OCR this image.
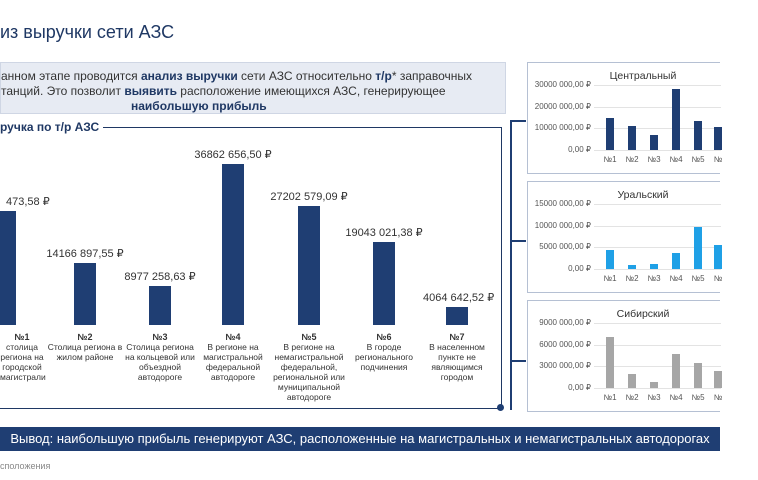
из выручки сети АЗС
анном этапе проводится анализ выручки сети АЗС относительно т/р* заправочных
танций. Это позволит выявить расположение имеющихся АЗС, генерирующее
наибольшую прибыль
ручка по т/р АЗС
473,58 ₽
№1
столица региона на городской магистрали
14166 897,55 ₽
№2
Столица региона в жилом районе
8977 258,63 ₽
№3
Столица региона на кольцевой или объездной автодороге
36862 656,50 ₽
№4
В регионе на магистральной федеральной автодороге
27202 579,09 ₽
№5
В регионе на немагистральной федеральной, региональной или муниципальной автодороге
19043 021,38 ₽
№6
В городе регионального подчинения
4064 642,52 ₽
№7
В населенном пункте не являющимся городом
Центральный
30000 000,00 ₽
20000 000,00 ₽
10000 000,00 ₽
0,00 ₽
№1 №2 №3 №4 №5 №
Уральский
15000 000,00 ₽
10000 000,00 ₽
5000 000,00 ₽
0,00 ₽
№1 №2 №3 №4 №5 №
Сибирский
9000 000,00 ₽
6000 000,00 ₽
3000 000,00 ₽
0,00 ₽
№1 №2 №3 №4 №5 №
Вывод: наибольшую прибыль генерируют АЗС, расположенные на магистральных и немагистральных автодорогах
сположения
